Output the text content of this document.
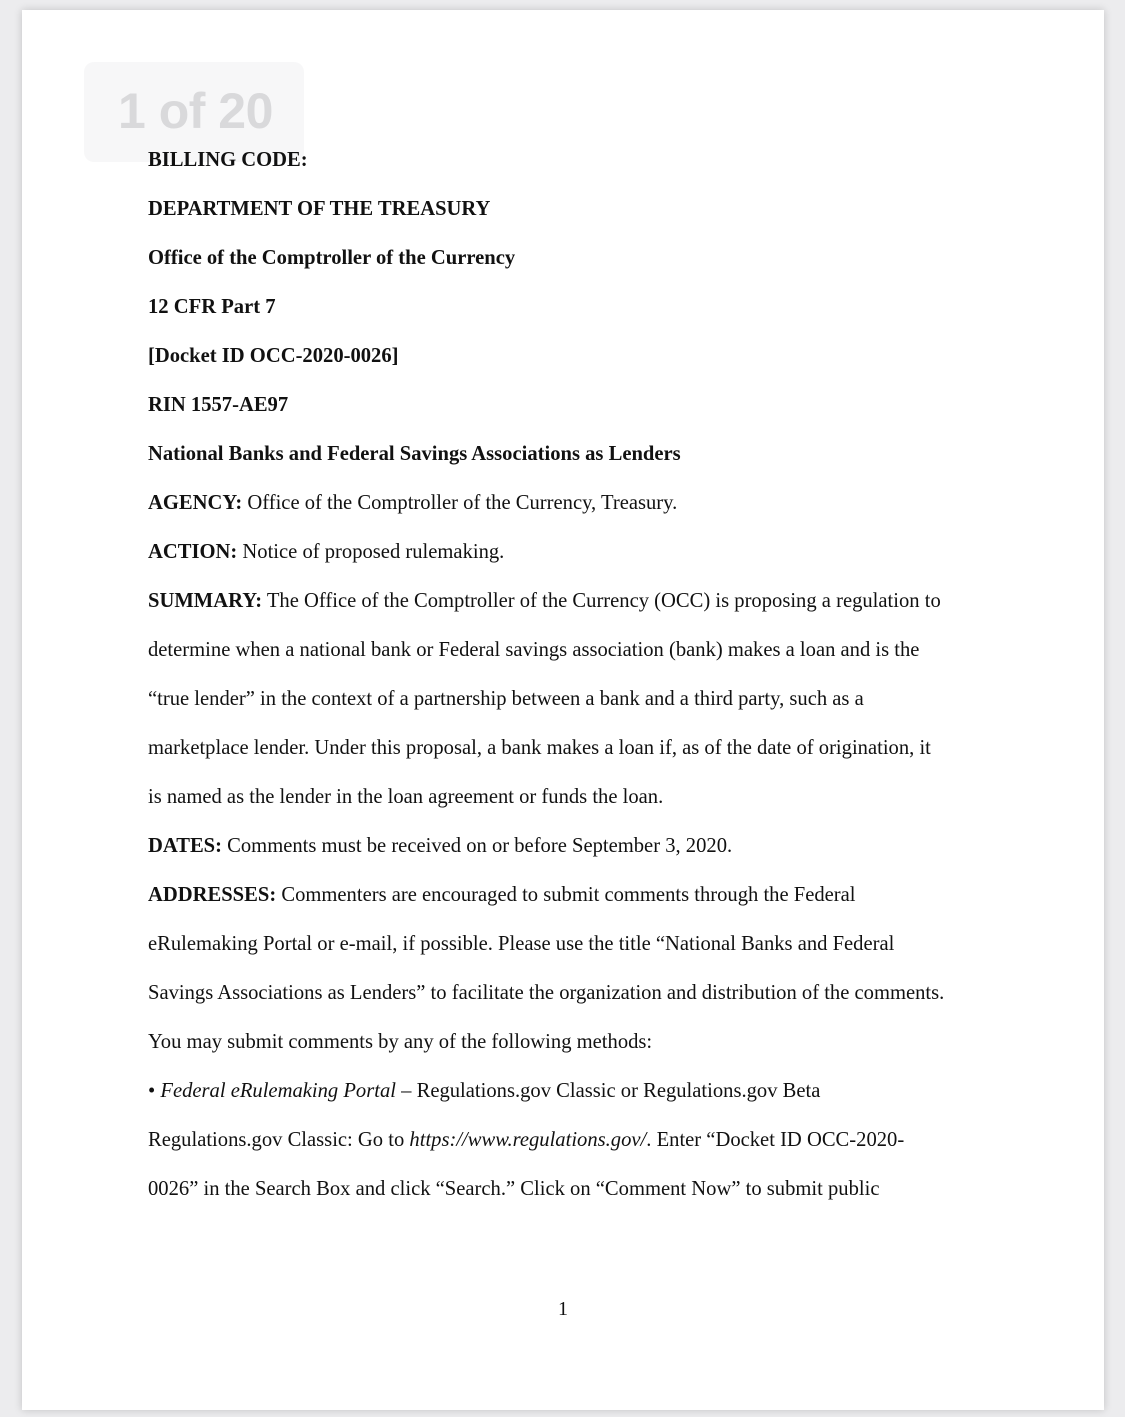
1 of 20
BILLING CODE:
DEPARTMENT OF THE TREASURY
Office of the Comptroller of the Currency
12 CFR Part 7
[Docket ID OCC-2020-0026]
RIN 1557-AE97
National Banks and Federal Savings Associations as Lenders
AGENCY: Office of the Comptroller of the Currency, Treasury.
ACTION: Notice of proposed rulemaking.
SUMMARY: The Office of the Comptroller of the Currency (OCC) is proposing a regulation to
determine when a national bank or Federal savings association (bank) makes a loan and is the
“true lender” in the context of a partnership between a bank and a third party, such as a
marketplace lender. Under this proposal, a bank makes a loan if, as of the date of origination, it
is named as the lender in the loan agreement or funds the loan.
DATES: Comments must be received on or before September 3, 2020.
ADDRESSES: Commenters are encouraged to submit comments through the Federal
eRulemaking Portal or e-mail, if possible. Please use the title “National Banks and Federal
Savings Associations as Lenders” to facilitate the organization and distribution of the comments.
You may submit comments by any of the following methods:
• Federal eRulemaking Portal – Regulations.gov Classic or Regulations.gov Beta
Regulations.gov Classic: Go to https://www.regulations.gov/. Enter “Docket ID OCC-2020-
0026” in the Search Box and click “Search.” Click on “Comment Now” to submit public
1
